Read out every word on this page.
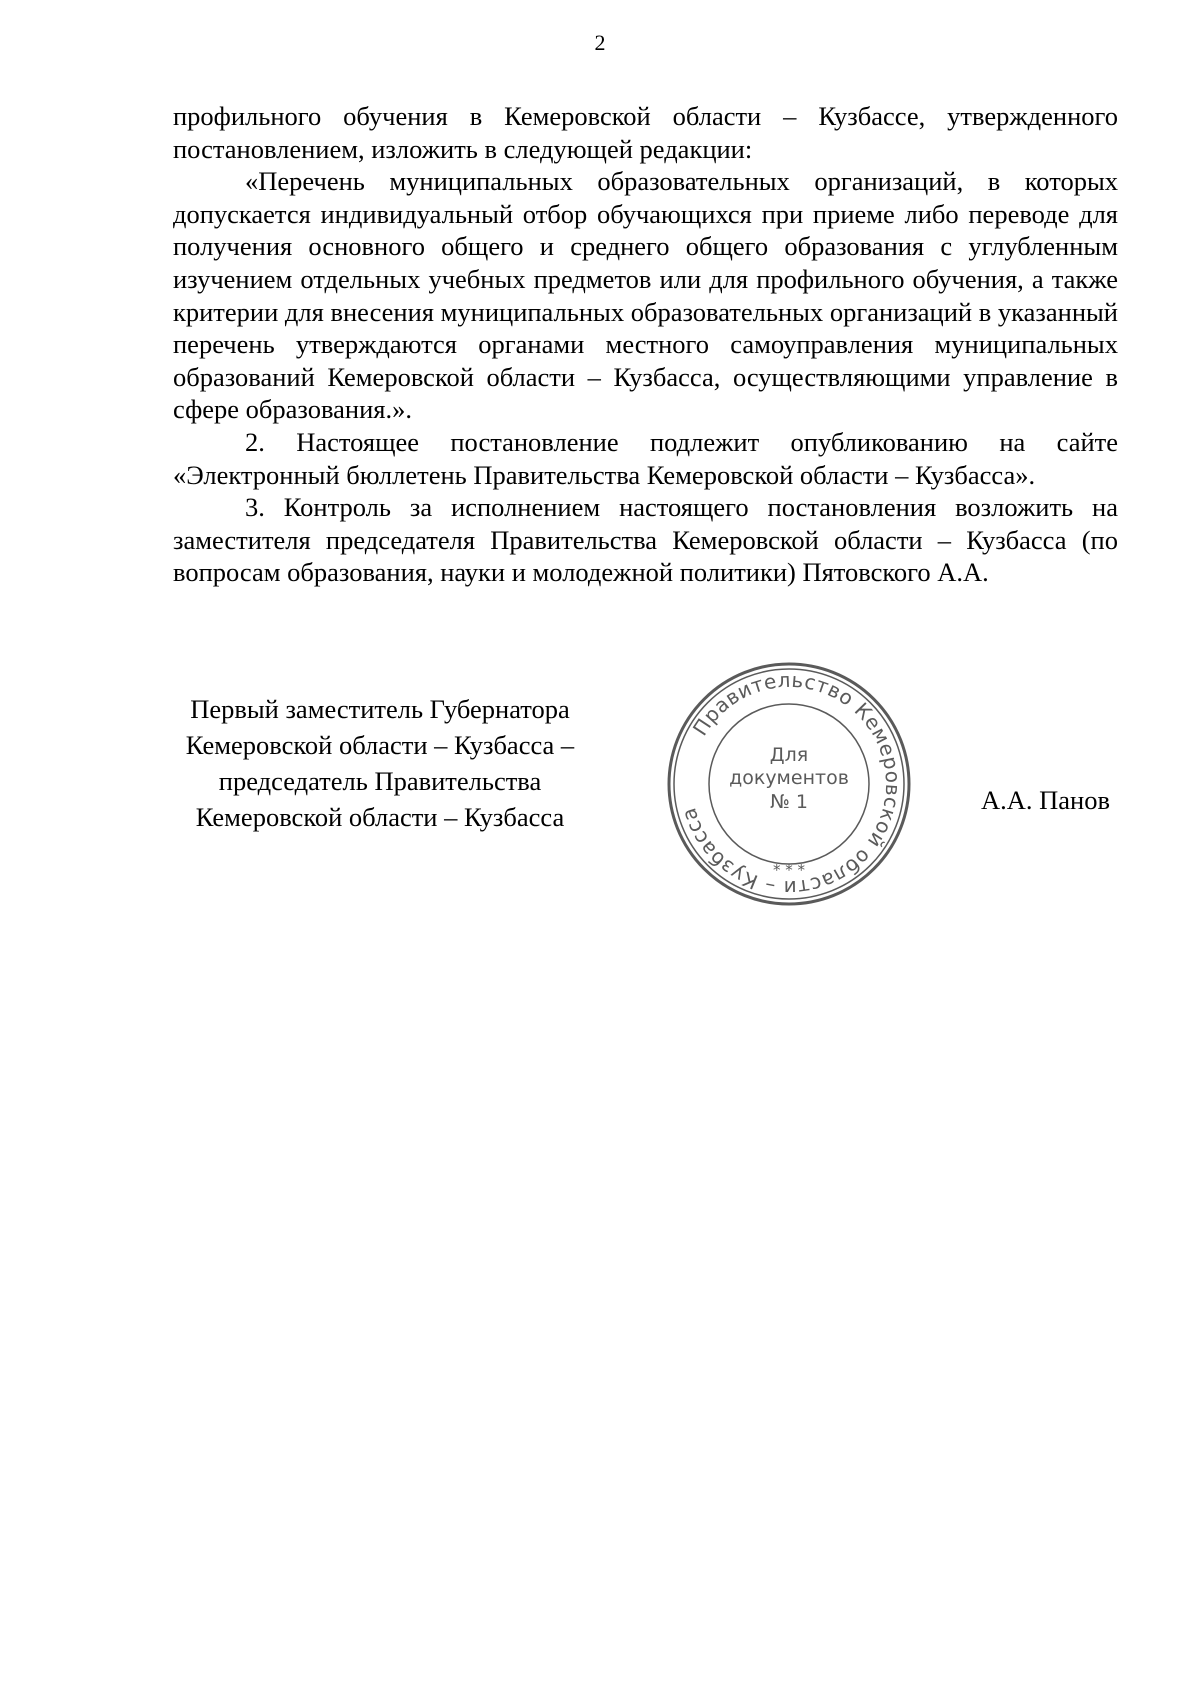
2

профильного обучения в Кемеровской области – Кузбассе, утвержденного постановлением, изложить в следующей редакции:

«Перечень муниципальных образовательных организаций, в которых допускается индивидуальный отбор обучающихся при приеме либо переводе для получения основного общего и среднего общего образования с углубленным изучением отдельных учебных предметов или для профильного обучения, а также критерии для внесения муниципальных образовательных организаций в указанный перечень утверждаются органами местного самоуправления муниципальных образований Кемеровской области – Кузбасса, осуществляющими управление в сфере образования.».

2. Настоящее постановление подлежит опубликованию на сайте «Электронный бюллетень Правительства Кемеровской области – Кузбасса».

3. Контроль за исполнением настоящего постановления возложить на заместителя председателя Правительства Кемеровской области – Кузбасса (по вопросам образования, науки и молодежной политики) Пятовского А.А.

Первый заместитель Губернатора
Кемеровской области – Кузбасса –
председатель Правительства
Кемеровской области – Кузбасса
Правительство Кемеровской области – Кузбасса
* * *
Для
документов
№ 1	А.А. Панов
